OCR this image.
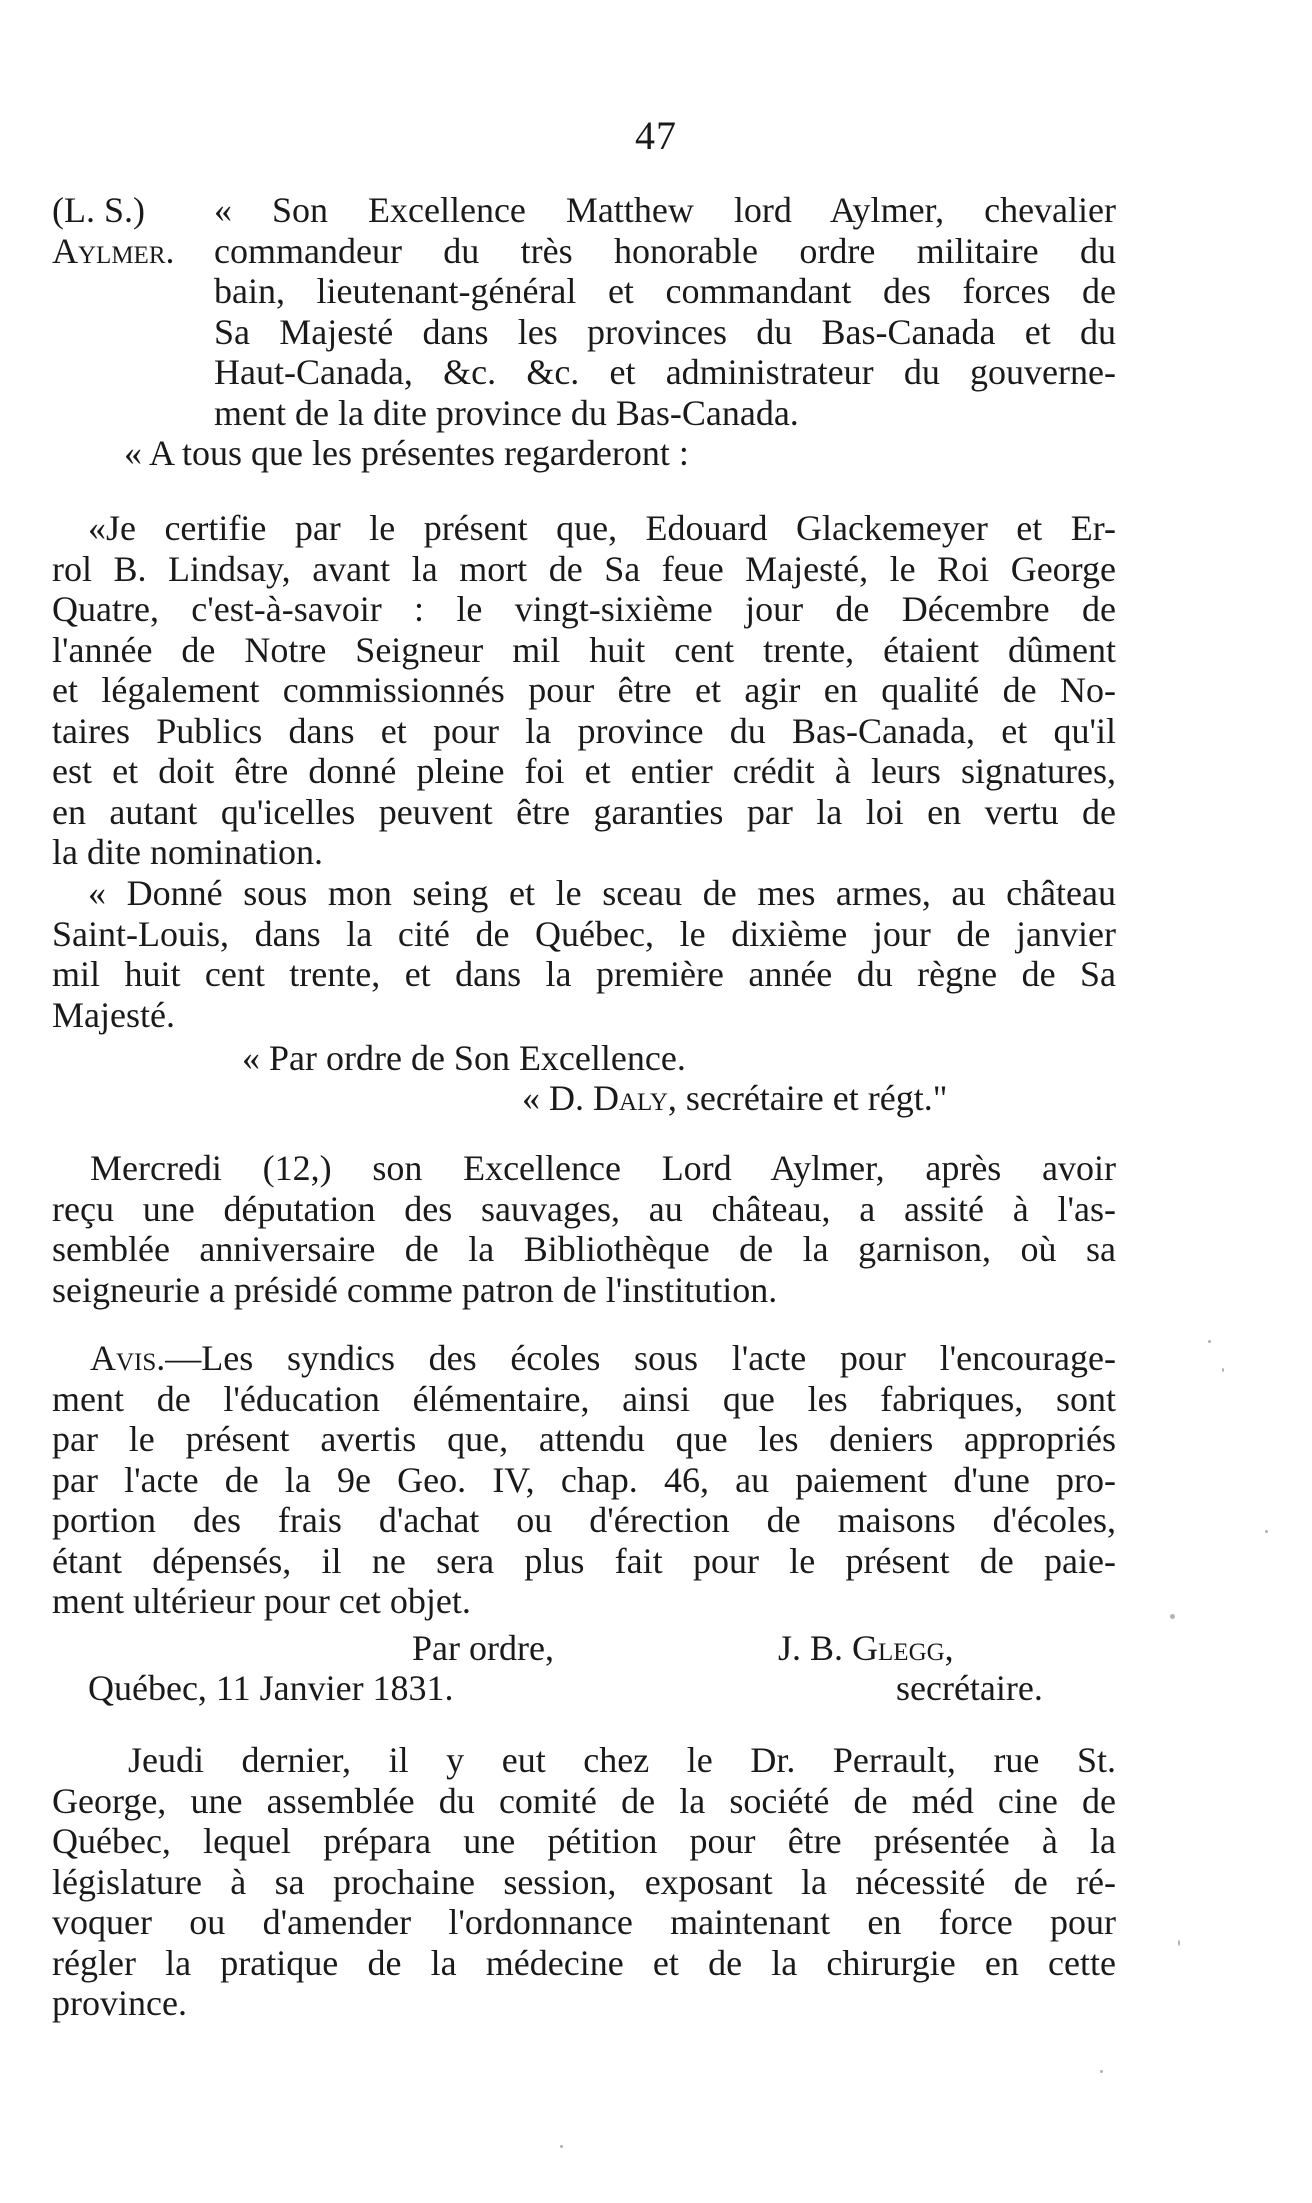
47
(L. S.)	« Son Excellence Matthew lord Aylmer, chevalier
Aylmer.	commandeur du très honorable ordre militaire du
bain, lieutenant-général et commandant des forces de
Sa Majesté dans les provinces du Bas-Canada et du
Haut-Canada, &c. &c. et administrateur du gouverne-
ment de la dite province du Bas-Canada.
« A tous que les présentes regarderont :
«Je certifie par le présent que, Edouard Glackemeyer et Er-
rol B. Lindsay, avant la mort de Sa feue Majesté, le Roi George
Quatre, c'est-à-savoir : le vingt-sixième jour de Décembre de
l'année de Notre Seigneur mil huit cent trente, étaient dûment
et légalement commissionnés pour être et agir en qualité de No-
taires Publics dans et pour la province du Bas-Canada, et qu'il
est et doit être donné pleine foi et entier crédit à leurs signatures,
en autant qu'icelles peuvent être garanties par la loi en vertu de
la dite nomination.
« Donné sous mon seing et le sceau de mes armes, au château
Saint-Louis, dans la cité de Québec, le dixième jour de janvier
mil huit cent trente, et dans la première année du règne de Sa
Majesté.
« Par ordre de Son Excellence.
« D. Daly, secrétaire et régt."
Mercredi (12,) son Excellence Lord Aylmer, après avoir
reçu une députation des sauvages, au château, a assité à l'as-
semblée anniversaire de la Bibliothèque de la garnison, où sa
seigneurie a présidé comme patron de l'institution.
Avis.—Les syndics des écoles sous l'acte pour l'encourage-
ment de l'éducation élémentaire, ainsi que les fabriques, sont
par le présent avertis que, attendu que les deniers appropriés
par l'acte de la 9e Geo. IV, chap. 46, au paiement d'une pro-
portion des frais d'achat ou d'érection de maisons d'écoles,
étant dépensés, il ne sera plus fait pour le présent de paie-
ment ultérieur pour cet objet.
Par ordre,	J. B. Glegg,
Québec, 11 Janvier 1831.	secrétaire.
Jeudi dernier, il y eut chez le Dr. Perrault, rue St.
George, une assemblée du comité de la société de méd cine de
Québec, lequel prépara une pétition pour être présentée à la
législature à sa prochaine session, exposant la nécessité de ré-
voquer ou d'amender l'ordonnance maintenant en force pour
régler la pratique de la médecine et de la chirurgie en cette
province.
